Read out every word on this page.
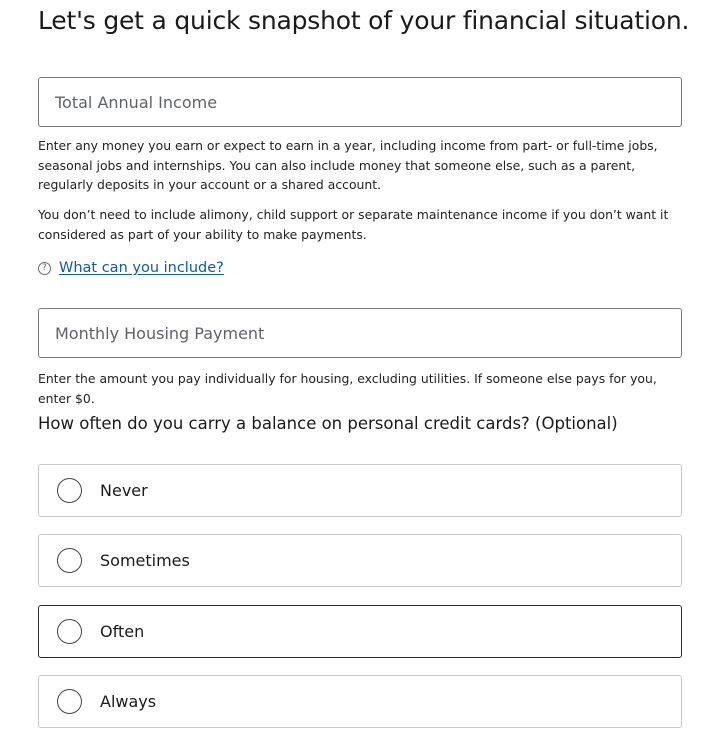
Let's get a quick snapshot of your financial situation.
Total Annual Income

Enter any money you earn or expect to earn in a year, including income from part- or full-time jobs, seasonal jobs and internships. You can also include money that someone else, such as a parent, regularly deposits in your account or a shared account.

You don’t need to include alimony, child support or separate maintenance income if you don’t want it considered as part of your ability to make payments.

? What can you include?
Monthly Housing Payment

Enter the amount you pay individually for housing, excluding utilities. If someone else pays for you, enter $0.

How often do you carry a balance on personal credit cards? (Optional)
Never
Sometimes
Often
Always
